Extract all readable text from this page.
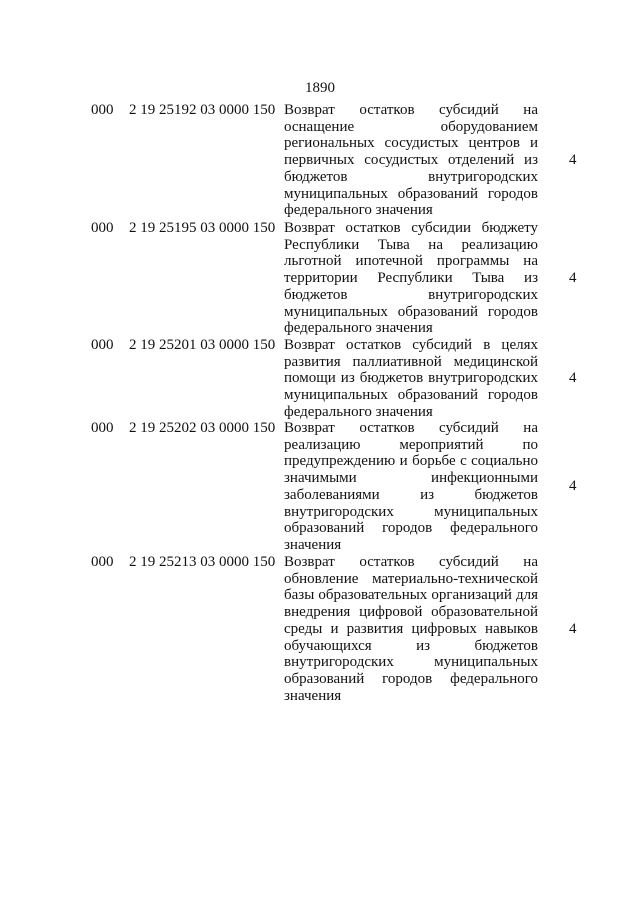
1890
000 2 19 25192 03 0000 150 Возврат остатков субсидий на
оснащение оборудованием
региональных сосудистых центров и
первичных сосудистых отделений из
бюджетов внутригородских
муниципальных образований городов
федерального значения
4
000 2 19 25195 03 0000 150 Возврат остатков субсидии бюджету
Республики Тыва на реализацию
льготной ипотечной программы на
территории Республики Тыва из
бюджетов внутригородских
муниципальных образований городов
федерального значения
4
000 2 19 25201 03 0000 150 Возврат остатков субсидий в целях
развития паллиативной медицинской
помощи из бюджетов внутригородских
муниципальных образований городов
федерального значения
4
000 2 19 25202 03 0000 150 Возврат остатков субсидий на
реализацию мероприятий по
предупреждению и борьбе с социально
значимыми инфекционными
заболеваниями из бюджетов
внутригородских муниципальных
образований городов федерального
значения
4
000 2 19 25213 03 0000 150 Возврат остатков субсидий на
обновление материально-технической
базы образовательных организаций для
внедрения цифровой образовательной
среды и развития цифровых навыков
обучающихся из бюджетов
внутригородских муниципальных
образований городов федерального
значения
4
